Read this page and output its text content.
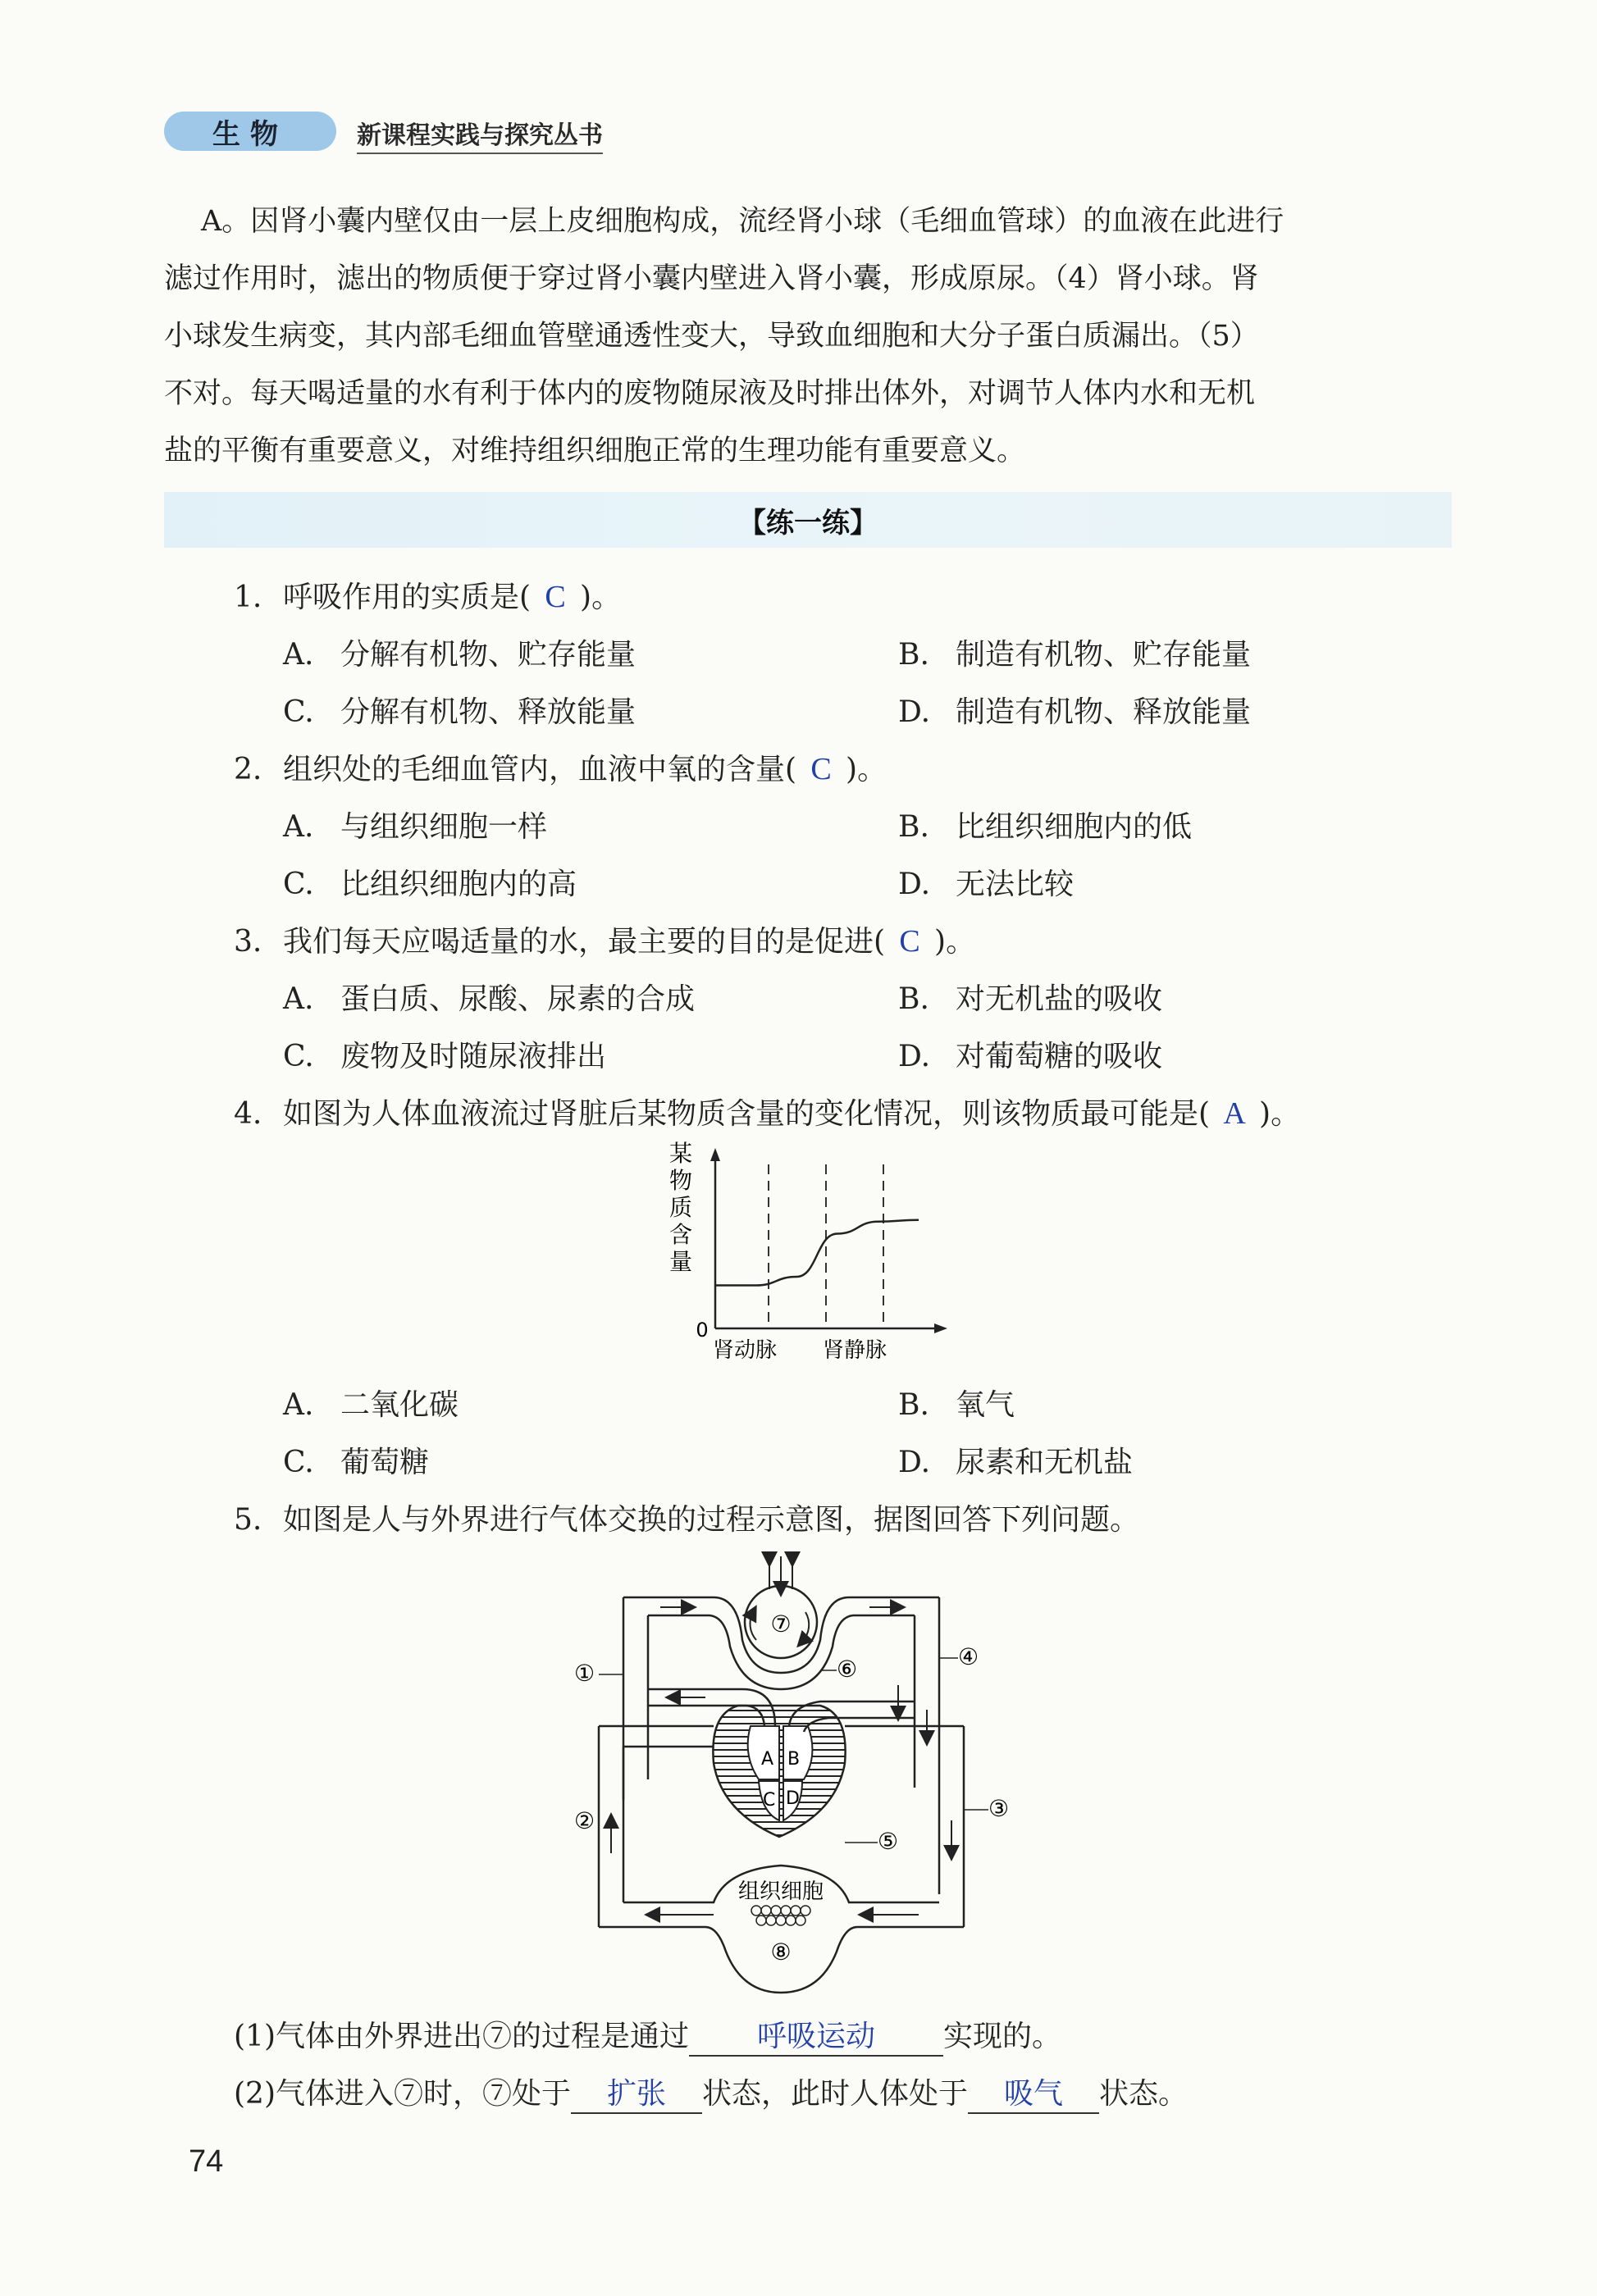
生物	新课程实践与探究丛书
A。因肾小囊内壁仅由一层上皮细胞构成，流经肾小球（毛细血管球）的血液在此进行
滤过作用时，滤出的物质便于穿过肾小囊内壁进入肾小囊，形成原尿。（4）肾小球。肾
小球发生病变，其内部毛细血管壁通透性变大，导致血细胞和大分子蛋白质漏出。（5）
不对。每天喝适量的水有利于体内的废物随尿液及时排出体外，对调节人体内水和无机
盐的平衡有重要意义，对维持组织细胞正常的生理功能有重要意义。
【练一练】
1. 呼吸作用的实质是( C )。
A. 分解有机物、贮存能量	B. 制造有机物、贮存能量
C. 分解有机物、释放能量	D. 制造有机物、释放能量
2. 组织处的毛细血管内，血液中氧的含量( C )。
A. 与组织细胞一样	B. 比组织细胞内的低
C. 比组织细胞内的高	D. 无法比较
3. 我们每天应喝适量的水，最主要的目的是促进( C )。
A. 蛋白质、尿酸、尿素的合成	B. 对无机盐的吸收
C. 废物及时随尿液排出	D. 对葡萄糖的吸收
4. 如图为人体血液流过肾脏后某物质含量的变化情况，则该物质最可能是( A )。
某
物
质
含
量
0
肾动脉 肾静脉
A. 二氧化碳	B. 氧气
C. 葡萄糖	D. 尿素和无机盐
5. 如图是人与外界进行气体交换的过程示意图，据图回答下列问题。
⑦
A B
C D
组织细胞
⑧
①
②	③
④
⑤
⑥
(1)气体由外界进出⑦的过程是通过 呼吸运动 实现的。
(2)气体进入⑦时，⑦处于 扩张 状态，此时人体处于 吸气 状态。
74
